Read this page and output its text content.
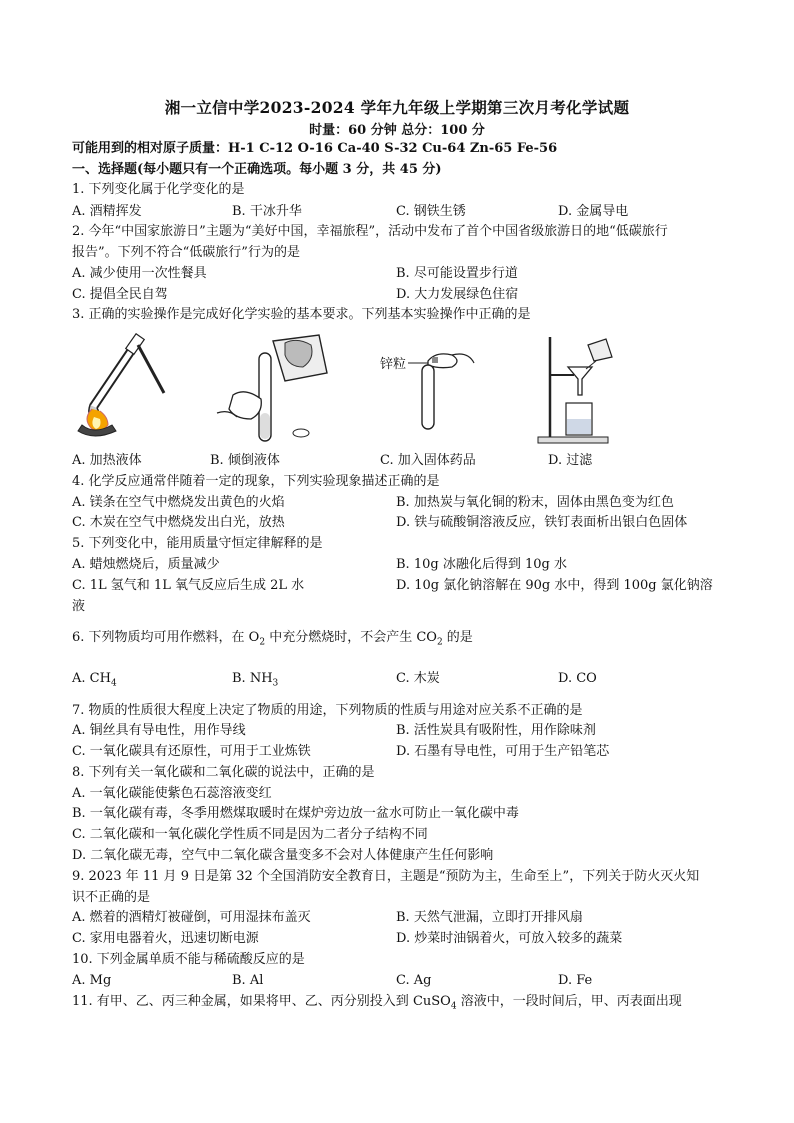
湘一立信中学2023-2024 学年九年级上学期第三次月考化学试题
时量：60 分钟 总分：100 分
可能用到的相对原子质量：H-1 C-12 O-16 Ca-40 S-32 Cu-64 Zn-65 Fe-56
一、选择题(每小题只有一个正确选项。每小题 3 分，共 45 分)
1. 下列变化属于化学变化的是
A. 酒精挥发	B. 干冰升华	C. 钢铁生锈	D. 金属导电
2. 今年“中国家旅游日”主题为“美好中国，幸福旅程”，活动中发布了首个中国省级旅游日的地“低碳旅行
报告”。下列不符合“低碳旅行”行为的是
A. 减少使用一次性餐具	B. 尽可能设置步行道
C. 提倡全民自驾	D. 大力发展绿色住宿
3. 正确的实验操作是完成好化学实验的基本要求。下列基本实验操作中正确的是
锌粒
A. 加热液体	B. 倾倒液体	C. 加入固体药品	D. 过滤
4. 化学反应通常伴随着一定的现象，下列实验现象描述正确的是
A. 镁条在空气中燃烧发出黄色的火焰	B. 加热炭与氧化铜的粉末，固体由黑色变为红色
C. 木炭在空气中燃烧发出白光，放热	D. 铁与硫酸铜溶液反应，铁钉表面析出银白色固体
5. 下列变化中，能用质量守恒定律解释的是
A. 蜡烛燃烧后，质量减少	B. 10g 冰融化后得到 10g 水
C. 1L 氢气和 1L 氧气反应后生成 2L 水	D. 10g 氯化钠溶解在 90g 水中，得到 100g 氯化钠溶
液
6. 下列物质均可用作燃料，在 $O_2$ 中充分燃烧时，不会产生 $CO_2$ 的是
A. $CH_4$	B. $NH_3$	C. 木炭	D. CO
7. 物质的性质很大程度上决定了物质的用途，下列物质的性质与用途对应关系不正确的是
A. 铜丝具有导电性，用作导线	B. 活性炭具有吸附性，用作除味剂
C. 一氧化碳具有还原性，可用于工业炼铁	D. 石墨有导电性，可用于生产铅笔芯
8. 下列有关一氧化碳和二氧化碳的说法中，正确的是
A. 一氧化碳能使紫色石蕊溶液变红
B. 一氧化碳有毒，冬季用燃煤取暖时在煤炉旁边放一盆水可防止一氧化碳中毒
C. 二氧化碳和一氧化碳化学性质不同是因为二者分子结构不同
D. 二氧化碳无毒，空气中二氧化碳含量变多不会对人体健康产生任何影响
9. 2023 年 11 月 9 日是第 32 个全国消防安全教育日，主题是“预防为主，生命至上”，下列关于防火灭火知
识不正确的是
A. 燃着的酒精灯被碰倒，可用湿抹布盖灭	B. 天然气泄漏，立即打开排风扇
C. 家用电器着火，迅速切断电源	D. 炒菜时油锅着火，可放入较多的蔬菜
10. 下列金属单质不能与稀硫酸反应的是
A. Mg	B. Al	C. Ag	D. Fe
11. 有甲、乙、丙三种金属，如果将甲、乙、丙分别投入到 CuSO$_4$ 溶液中，一段时间后，甲、丙表面出现
